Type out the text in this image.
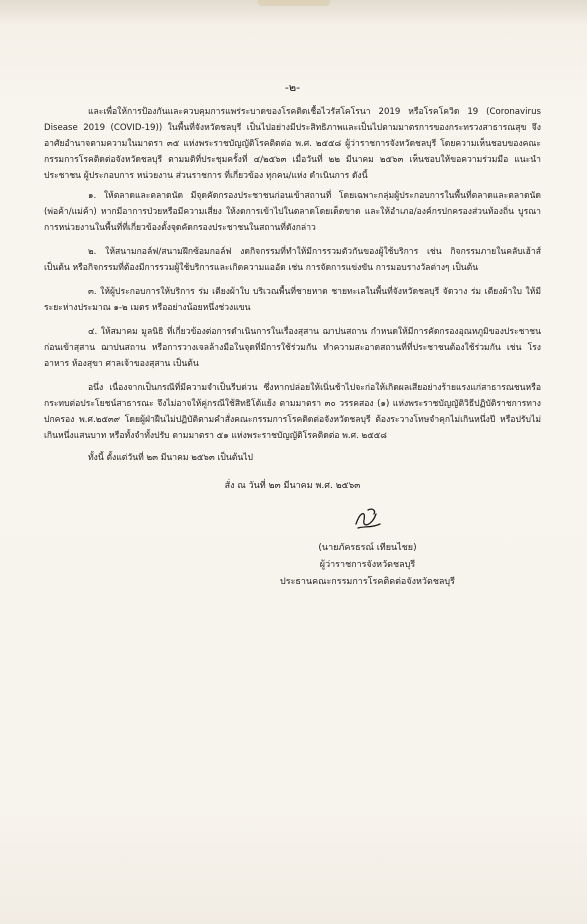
-๒-

และเพื่อให้การป้องกันและควบคุมการแพร่ระบาดของโรคติดเชื้อไวรัสโคโรนา 2019 หรือโรคโควิด 19 (Coronavirus Disease 2019 (COVID-19)) ในพื้นที่จังหวัดชลบุรี เป็นไปอย่างมีประสิทธิภาพและเป็นไปตามมาตรการของกระทรวงสาธารณสุข จึงอาศัยอำนาจตามความในมาตรา ๓๕ แห่งพระราชบัญญัติโรคติดต่อ พ.ศ. ๒๕๕๘ ผู้ว่าราชการจังหวัดชลบุรี โดยความเห็นชอบของคณะกรรมการโรคติดต่อจังหวัดชลบุรี ตามมติที่ประชุมครั้งที่ ๔/๒๕๖๓ เมื่อวันที่ ๒๒ มีนาคม ๒๕๖๓ เห็นชอบให้ขอความร่วมมือ แนะนำ ประชาชน ผู้ประกอบการ หน่วยงาน ส่วนราชการ ที่เกี่ยวข้อง ทุกคน/แห่ง ดำเนินการ ดังนี้

๑. ให้ตลาดและตลาดนัด มีจุดคัดกรองประชาชนก่อนเข้าสถานที่ โดยเฉพาะกลุ่มผู้ประกอบการในพื้นที่ตลาดและตลาดนัด (พ่อค้า/แม่ค้า) หากมีอาการป่วยหรือมีความเสี่ยง ให้งดการเข้าไปในตลาดโดยเด็ดขาด และให้อำเภอ/องค์กรปกครองส่วนท้องถิ่น บูรณาการหน่วยงานในพื้นที่ที่เกี่ยวข้องตั้งจุดคัดกรองประชาชนในสถานที่ดังกล่าว

๒. ให้สนามกอล์ฟ/สนามฝึกซ้อมกอล์ฟ งดกิจกรรมที่ทำให้มีการรวมตัวกันของผู้ใช้บริการ เช่น กิจกรรมภายในคลับเฮ้าส์ เป็นต้น หรือกิจกรรมที่ต้องมีการรวมผู้ใช้บริการและเกิดความแออัด เช่น การจัดการแข่งขัน การมอบรางวัลต่างๆ เป็นต้น

๓. ให้ผู้ประกอบการให้บริการ ร่ม เตียงผ้าใบ บริเวณพื้นที่ชายหาด ชายทะเลในพื้นที่จังหวัดชลบุรี จัดวาง ร่ม เตียงผ้าใบ ให้มีระยะห่างประมาณ ๑-๒ เมตร หรืออย่างน้อยหนึ่งช่วงแขน

๔. ให้สมาคม มูลนิธิ ที่เกี่ยวข้องต่อการดำเนินการในเรื่องสุสาน ฌาปนสถาน กำหนดให้มีการคัดกรองอุณหภูมิของประชาชนก่อนเข้าสุสาน ฌาปนสถาน หรือการวางเจลล้างมือในจุดที่มีการใช้ร่วมกัน ทำความสะอาดสถานที่ที่ประชาชนต้องใช้ร่วมกัน เช่น โรงอาหาร ห้องสุขา ศาลเจ้าของสุสาน เป็นต้น

อนึ่ง เนื่องจากเป็นกรณีที่มีความจำเป็นรีบด่วน ซึ่งหากปล่อยให้เนิ่นช้าไปจะก่อให้เกิดผลเสียอย่างร้ายแรงแก่สาธารณชนหรือกระทบต่อประโยชน์สาธารณะ จึงไม่อาจให้คู่กรณีใช้สิทธิโต้แย้ง ตามมาตรา ๓๐ วรรคสอง (๑) แห่งพระราชบัญญัติวิธีปฏิบัติราชการทางปกครอง พ.ศ.๒๕๓๙ โดยผู้ฝ่าฝืนไม่ปฏิบัติตามคำสั่งคณะกรรมการโรคติดต่อจังหวัดชลบุรี ต้องระวางโทษจำคุกไม่เกินหนึ่งปี หรือปรับไม่เกินหนึ่งแสนบาท หรือทั้งจำทั้งปรับ ตามมาตรา ๕๑ แห่งพระราชบัญญัติโรคติดต่อ พ.ศ. ๒๕๕๘

ทั้งนี้ ตั้งแต่วันที่ ๒๓ มีนาคม ๒๕๖๓ เป็นต้นไป

สั่ง ณ วันที่ ๒๓ มีนาคม พ.ศ. ๒๕๖๓
(นายภัครธรณ์ เทียนไชย)
ผู้ว่าราชการจังหวัดชลบุรี
ประธานคณะกรรมการโรคติดต่อจังหวัดชลบุรี
